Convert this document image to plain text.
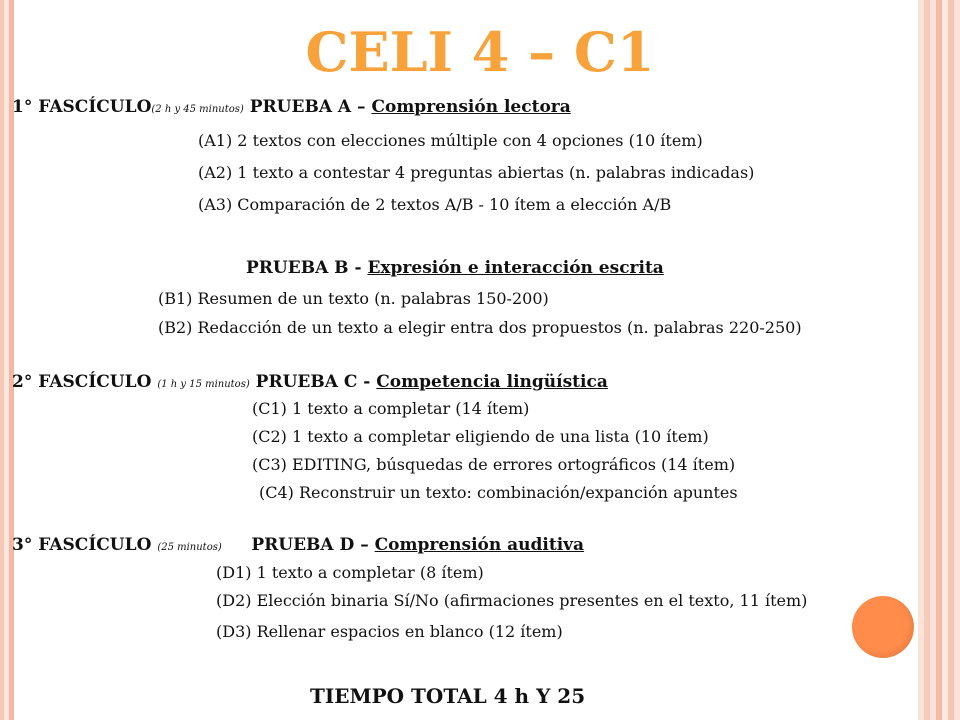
CELI 4 – C1
1° FASCÍCULO(2 h y 45 minutos) PRUEBA A – Comprensión lectora
(A1) 2 textos con elecciones múltiple con 4 opciones (10 ítem)
(A2) 1 texto a contestar 4 preguntas abiertas (n. palabras indicadas)
(A3) Comparación de 2 textos A/B - 10 ítem a elección A/B
PRUEBA B - Expresión e interacción escrita
(B1) Resumen de un texto (n. palabras 150-200)
(B2) Redacción de un texto a elegir entra dos propuestos (n. palabras 220-250)
2° FASCÍCULO (1 h y 15 minutos) PRUEBA C - Competencia lingüística
(C1) 1 texto a completar (14 ítem)
(C2) 1 texto a completar eligiendo de una lista (10 ítem)
(C3) EDITING, búsquedas de errores ortográficos (14 ítem)
(C4) Reconstruir un texto: combinación/expanción apuntes
3° FASCÍCULO (25 minutos) PRUEBA D – Comprensión auditiva
(D1) 1 texto a completar (8 ítem)
(D2) Elección binaria Sí/No (afirmaciones presentes en el texto, 11 ítem)
(D3) Rellenar espacios en blanco (12 ítem)
TIEMPO TOTAL 4 h Y 25
